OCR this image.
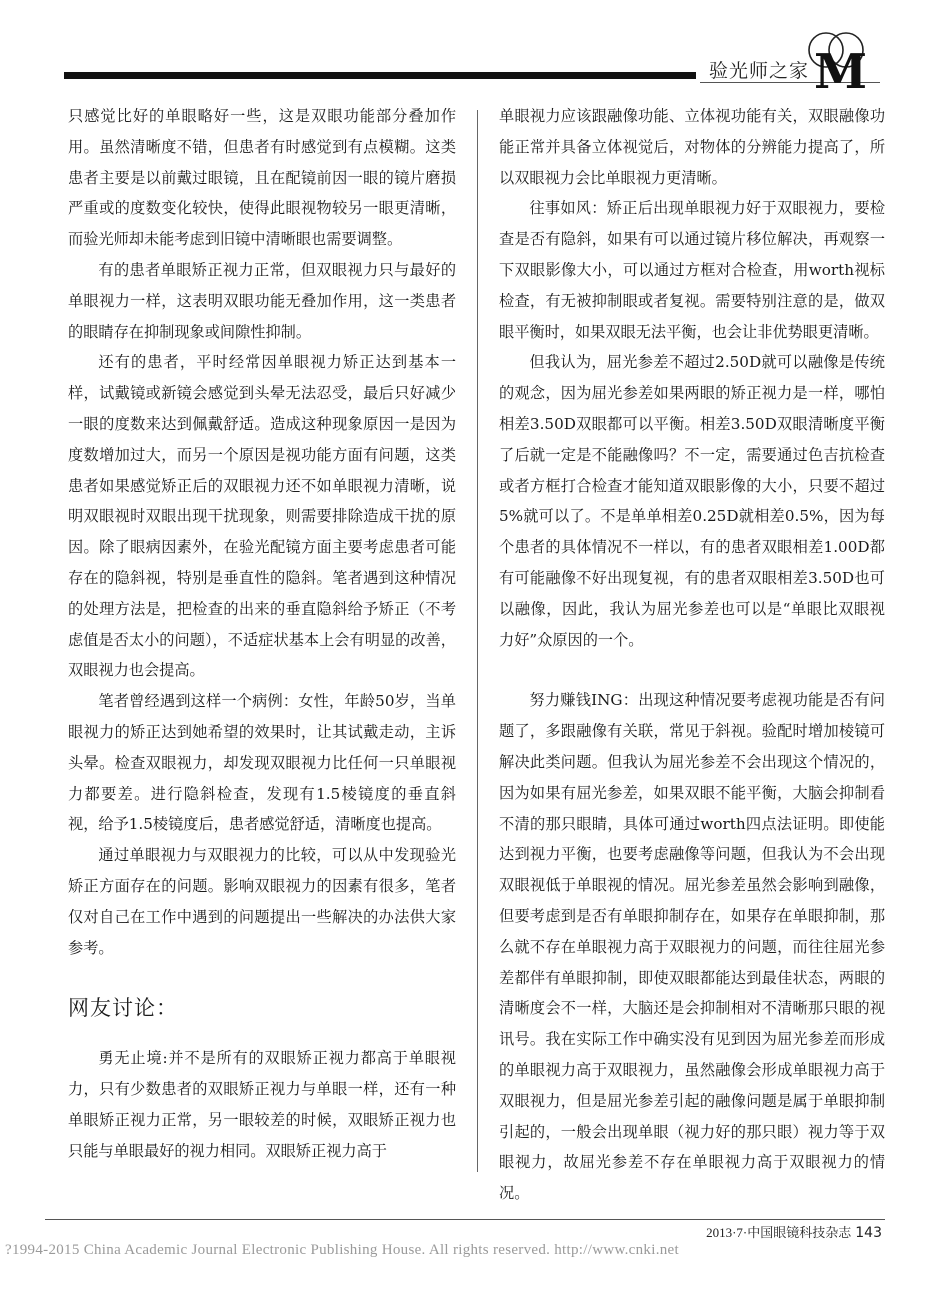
验光师之家 M

只感觉比好的单眼略好一些，这是双眼功能部分叠加作用。虽然清晰度不错，但患者有时感觉到有点模糊。这类患者主要是以前戴过眼镜，且在配镜前因一眼的镜片磨损严重或的度数变化较快，使得此眼视物较另一眼更清晰，而验光师却未能考虑到旧镜中清晰眼也需要调整。

有的患者单眼矫正视力正常，但双眼视力只与最好的单眼视力一样，这表明双眼功能无叠加作用，这一类患者的眼睛存在抑制现象或间隙性抑制。

还有的患者，平时经常因单眼视力矫正达到基本一样，试戴镜或新镜会感觉到头晕无法忍受，最后只好减少一眼的度数来达到佩戴舒适。造成这种现象原因一是因为度数增加过大，而另一个原因是视功能方面有问题，这类患者如果感觉矫正后的双眼视力还不如单眼视力清晰，说明双眼视时双眼出现干扰现象，则需要排除造成干扰的原因。除了眼病因素外，在验光配镜方面主要考虑患者可能存在的隐斜视，特别是垂直性的隐斜。笔者遇到这种情况的处理方法是，把检查的出来的垂直隐斜给予矫正（不考虑值是否太小的问题），不适症状基本上会有明显的改善，双眼视力也会提高。

笔者曾经遇到这样一个病例：女性，年龄50岁，当单眼视力的矫正达到她希望的效果时，让其试戴走动，主诉头晕。检查双眼视力，却发现双眼视力比任何一只单眼视力都要差。进行隐斜检查，发现有1.5棱镜度的垂直斜视，给予1.5棱镜度后，患者感觉舒适，清晰度也提高。

通过单眼视力与双眼视力的比较，可以从中发现验光矫正方面存在的问题。影响双眼视力的因素有很多，笔者仅对自己在工作中遇到的问题提出一些解决的办法供大家参考。

网友讨论：

勇无止境:并不是所有的双眼矫正视力都高于单眼视力，只有少数患者的双眼矫正视力与单眼一样，还有一种单眼矫正视力正常，另一眼较差的时候，双眼矫正视力也只能与单眼最好的视力相同。双眼矫正视力高于

单眼视力应该跟融像功能、立体视功能有关，双眼融像功能正常并具备立体视觉后，对物体的分辨能力提高了，所以双眼视力会比单眼视力更清晰。

往事如风：矫正后出现单眼视力好于双眼视力，要检查是否有隐斜，如果有可以通过镜片移位解决，再观察一下双眼影像大小，可以通过方框对合检查，用worth视标检查，有无被抑制眼或者复视。需要特别注意的是，做双眼平衡时，如果双眼无法平衡，也会让非优势眼更清晰。

但我认为，屈光参差不超过2.50D就可以融像是传统的观念，因为屈光参差如果两眼的矫正视力是一样，哪怕相差3.50D双眼都可以平衡。相差3.50D双眼清晰度平衡了后就一定是不能融像吗？不一定，需要通过色吉抗检查或者方框打合检查才能知道双眼影像的大小，只要不超过5%就可以了。不是单单相差0.25D就相差0.5%，因为每个患者的具体情况不一样以，有的患者双眼相差1.00D都有可能融像不好出现复视，有的患者双眼相差3.50D也可以融像，因此，我认为屈光参差也可以是“单眼比双眼视力好”众原因的一个。

努力赚钱ING：出现这种情况要考虑视功能是否有问题了，多跟融像有关联，常见于斜视。验配时增加棱镜可解决此类问题。但我认为屈光参差不会出现这个情况的，因为如果有屈光参差，如果双眼不能平衡，大脑会抑制看不清的那只眼睛，具体可通过worth四点法证明。即使能达到视力平衡，也要考虑融像等问题，但我认为不会出现双眼视低于单眼视的情况。屈光参差虽然会影响到融像，但要考虑到是否有单眼抑制存在，如果存在单眼抑制，那么就不存在单眼视力高于双眼视力的问题，而往往屈光参差都伴有单眼抑制，即使双眼都能达到最佳状态，两眼的清晰度会不一样，大脑还是会抑制相对不清晰那只眼的视讯号。我在实际工作中确实没有见到因为屈光参差而形成的单眼视力高于双眼视力，虽然融像会形成单眼视力高于双眼视力，但是屈光参差引起的融像问题是属于单眼抑制引起的，一般会出现单眼（视力好的那只眼）视力等于双眼视力，故屈光参差不存在单眼视力高于双眼视力的情况。

2013·7·中国眼镜科技杂志 143
?1994-2015 China Academic Journal Electronic Publishing House. All rights reserved. http://www.cnki.net
